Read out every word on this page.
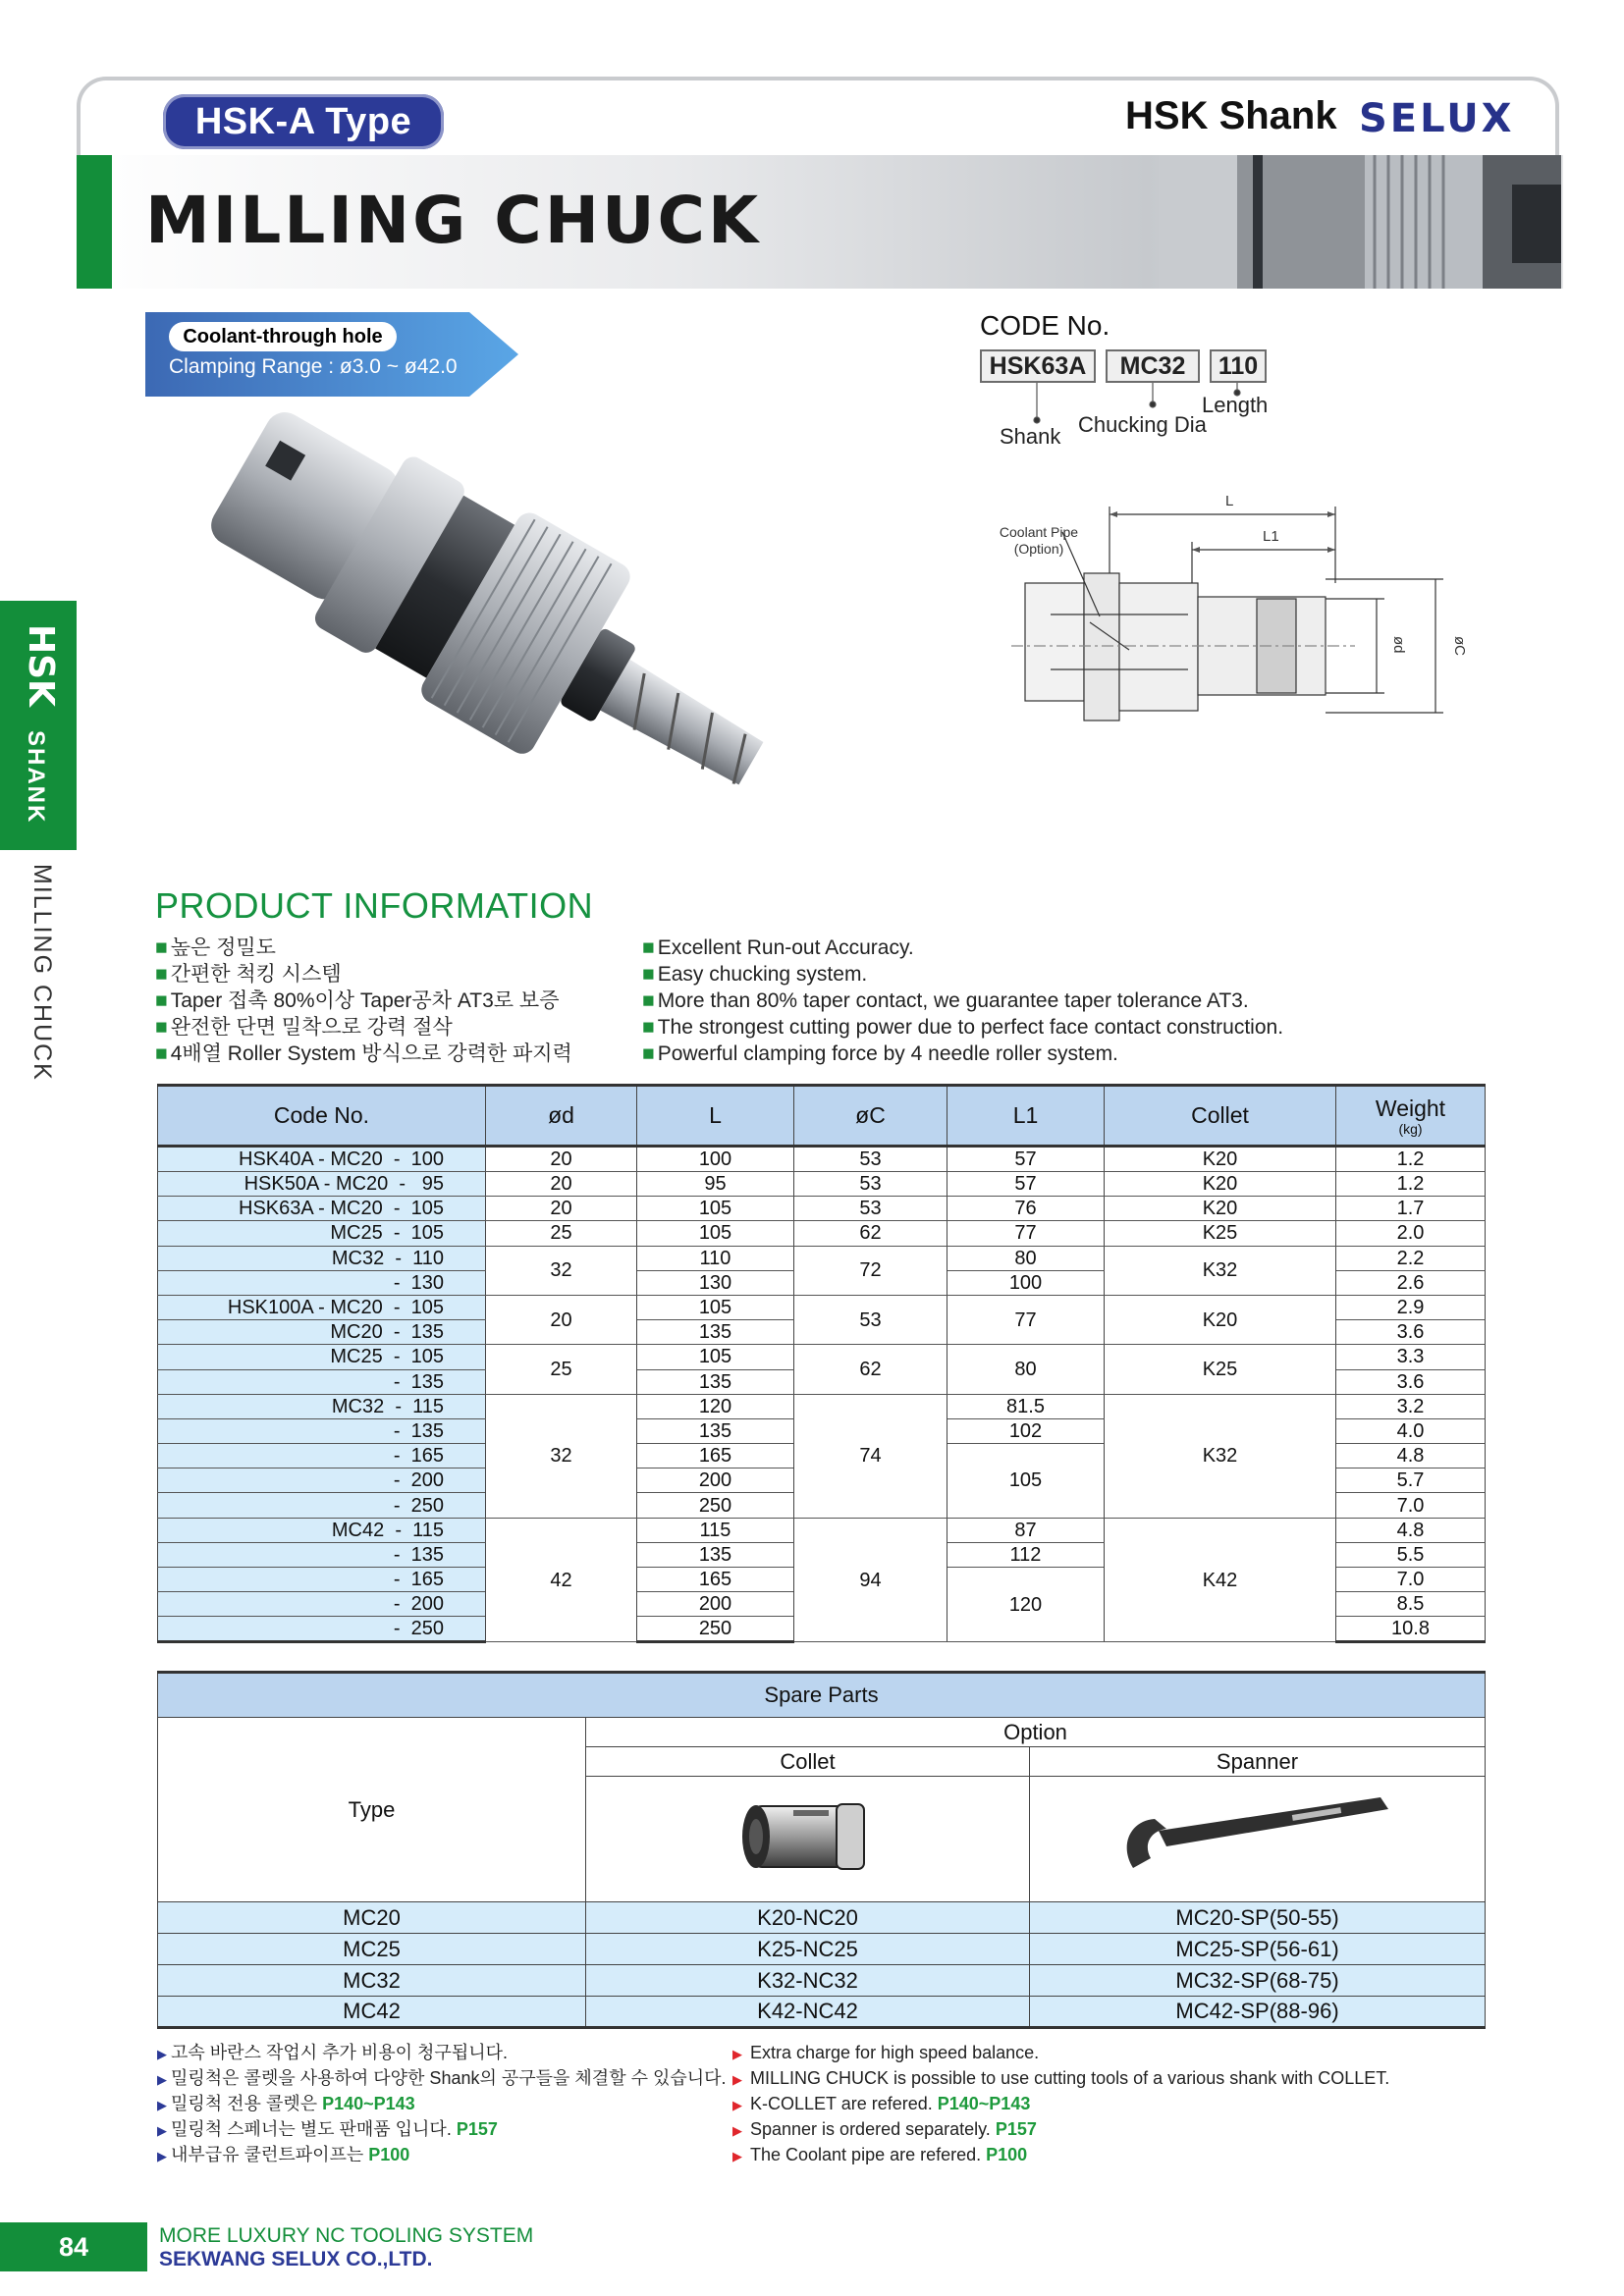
HSK-A Type	HSK Shank SELUX
MILLING CHUCK
HSK
SHANK
MILLING CHUCK
Coolant-through hole
Clamping Range : ø3.0 ~ ø42.0
CODE No.
HSK63A	MC32	110
Shank Chucking Dia
Length
Coolant Pipe
(Option)
L
L1
ød	øC
PRODUCT INFORMATION
■ 높은 정밀도
■ 간편한 척킹 시스템
■ Taper 접촉 80%이상 Taper공차 AT3로 보증
■ 완전한 단면 밀착으로 강력 절삭
■ 4배열 Roller System 방식으로 강력한 파지력
■ Excellent Run-out Accuracy.
■ Easy chucking system.
■ More than 80% taper contact, we guarantee taper tolerance AT3.
■ The strongest cutting power due to perfect face contact construction.
■ Powerful clamping force by 4 needle roller system.
Code No.	ød	L	øC	L1	Collet	Weight
(kg)

HSK40A - MC20  -  100	20	100	53	57	K20	1.2
HSK50A - MC20  -   95	20	95	53	57	K20	1.2
HSK63A - MC20  -  105	20	105	53	76	K20	1.7
MC25  -  105	25	105	62	77	K25	2.0
MC32  -  110	32	110	72	80	K32	2.2
-  130		130		100		2.6
HSK100A - MC20  -  105	20	105	53	77	K20	2.9
MC20  -  135		135				3.6
MC25  -  105	25	105	62	80	K25	3.3
-  135		135				3.6
MC32  -  115	32	120	74	81.5	K32	3.2
-  135		135		102		4.0
-  165		165		105		4.8
-  200		200				5.7
-  250		250				7.0
MC42  -  115	42	115	94	87	K42	4.8
-  135		135		112		5.5
-  165		165		120		7.0
-  200		200				8.5
-  250		250				10.8
Spare Parts		
Type	Option	
	Collet	Spanner

MC20	K20-NC20	MC20-SP(50-55)
MC25	K25-NC25	MC25-SP(56-61)
MC32	K32-NC32	MC32-SP(68-75)
MC42	K42-NC42	MC42-SP(88-96)
▶ 고속 바란스 작업시 추가 비용이 청구됩니다.
▶ 밀링척은 콜렛을 사용하여 다양한 Shank의 공구들을 체결할 수 있습니다.
▶ 밀링척 전용 콜렛은 P140~P143
▶ 밀링척 스페너는 별도 판매품 입니다. P157
▶ 내부급유 쿨런트파이프는 P100
▶ Extra charge for high speed balance.
▶ MILLING CHUCK is possible to use cutting tools of a various shank with COLLET.
▶ K-COLLET are refered. P140~P143
▶ Spanner is ordered separately. P157
▶ The Coolant pipe are refered. P100
84	MORE LUXURY NC TOOLING SYSTEM
SEKWANG SELUX CO.,LTD.
